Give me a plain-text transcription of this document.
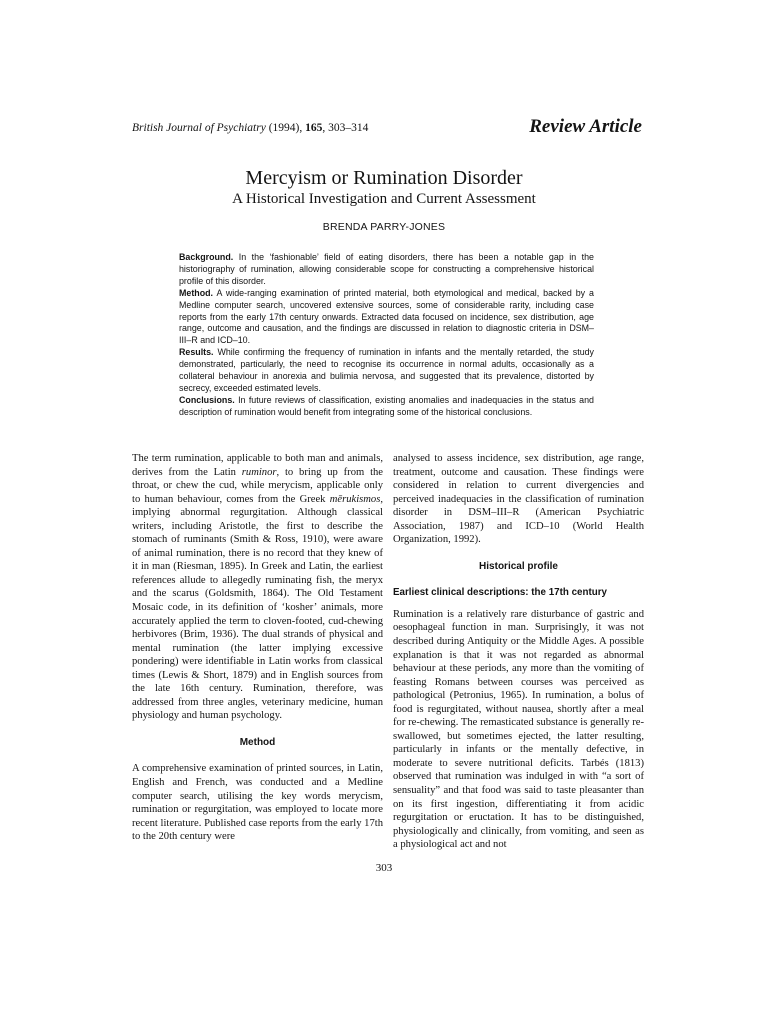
British Journal of Psychiatry (1994), 165, 303–314	Review Article
Mercyism or Rumination Disorder
A Historical Investigation and Current Assessment
BRENDA PARRY-JONES

Background. In the ‘fashionable’ field of eating disorders, there has been a notable gap in the historiography of rumination, allowing considerable scope for constructing a comprehensive historical profile of this disorder.

Method. A wide-ranging examination of printed material, both etymological and medical, backed by a Medline computer search, uncovered extensive sources, some of considerable rarity, including case reports from the early 17th century onwards. Extracted data focused on incidence, sex distribution, age range, outcome and causation, and the findings are discussed in relation to diagnostic criteria in DSM–III–R and ICD–10.

Results. While confirming the frequency of rumination in infants and the mentally retarded, the study demonstrated, particularly, the need to recognise its occurrence in normal adults, occasionally as a collateral behaviour in anorexia and bulimia nervosa, and suggested that its prevalence, distorted by secrecy, exceeded estimated levels.

Conclusions. In future reviews of classification, existing anomalies and inadequacies in the status and description of rumination would benefit from integrating some of the historical conclusions.

The term rumination, applicable to both man and animals, derives from the Latin ruminor, to bring up from the throat, or chew the cud, while merycism, applicable only to human behaviour, comes from the Greek mērukismos, implying abnormal regurgitation. Although classical writers, including Aristotle, the first to describe the stomach of ruminants (Smith & Ross, 1910), were aware of animal rumination, there is no record that they knew of it in man (Riesman, 1895). In Greek and Latin, the earliest references allude to allegedly ruminating fish, the meryx and the scarus (Goldsmith, 1864). The Old Testament Mosaic code, in its definition of ‘kosher’ animals, more accurately applied the term to cloven-footed, cud-chewing herbivores (Brim, 1936). The dual strands of physical and mental rumination (the latter implying excessive pondering) were identifiable in Latin works from classical times (Lewis & Short, 1879) and in English sources from the late 16th century. Rumination, therefore, was addressed from three angles, veterinary medicine, human physiology and human psychology.

Method

A comprehensive examination of printed sources, in Latin, English and French, was conducted and a Medline computer search, utilising the key words merycism, rumination or regurgitation, was employed to locate more recent literature. Published case reports from the early 17th to the 20th century were

analysed to assess incidence, sex distribution, age range, treatment, outcome and causation. These findings were considered in relation to current divergencies and perceived inadequacies in the classification of rumination disorder in DSM–III–R (American Psychiatric Association, 1987) and ICD–10 (World Health Organization, 1992).

Historical profile
Earliest clinical descriptions: the 17th century

Rumination is a relatively rare disturbance of gastric and oesophageal function in man. Surprisingly, it was not described during Antiquity or the Middle Ages. A possible explanation is that it was not regarded as abnormal behaviour at these periods, any more than the vomiting of feasting Romans between courses was perceived as pathological (Petronius, 1965). In rumination, a bolus of food is regurgitated, without nausea, shortly after a meal for re-chewing. The remasticated substance is generally re-swallowed, but sometimes ejected, the latter resulting, particularly in infants or the mentally defective, in moderate to severe nutritional deficits. Tarbés (1813) observed that rumination was indulged in with “a sort of sensuality” and that food was said to taste pleasanter than on its first ingestion, differentiating it from acidic regurgitation or eructation. It has to be distinguished, physiologically and clinically, from vomiting, and seen as a physiological act and not

303
